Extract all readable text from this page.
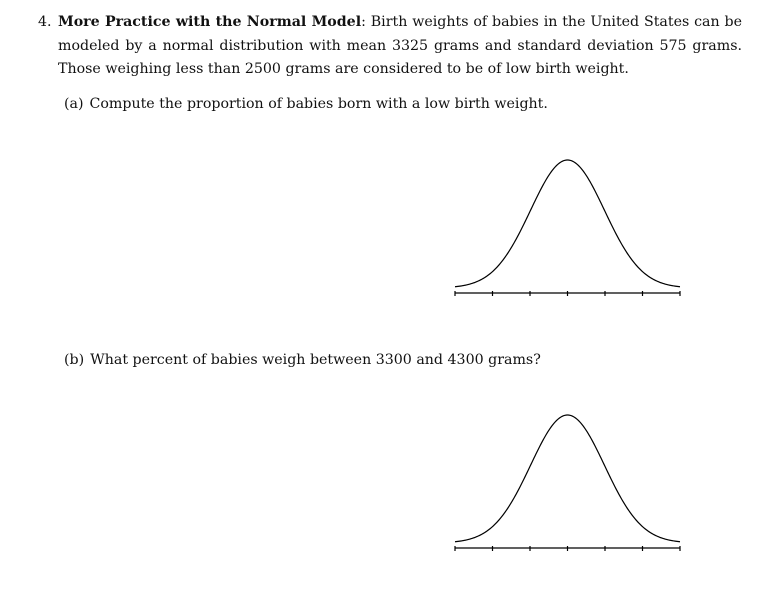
4. More Practice with the Normal Model: Birth weights of babies in the United States can be modeled by a normal distribution with mean 3325 grams and standard deviation 575 grams. Those weighing less than 2500 grams are considered to be of low birth weight.
(a) Compute the proportion of babies born with a low birth weight.
(b) What percent of babies weigh between 3300 and 4300 grams?
